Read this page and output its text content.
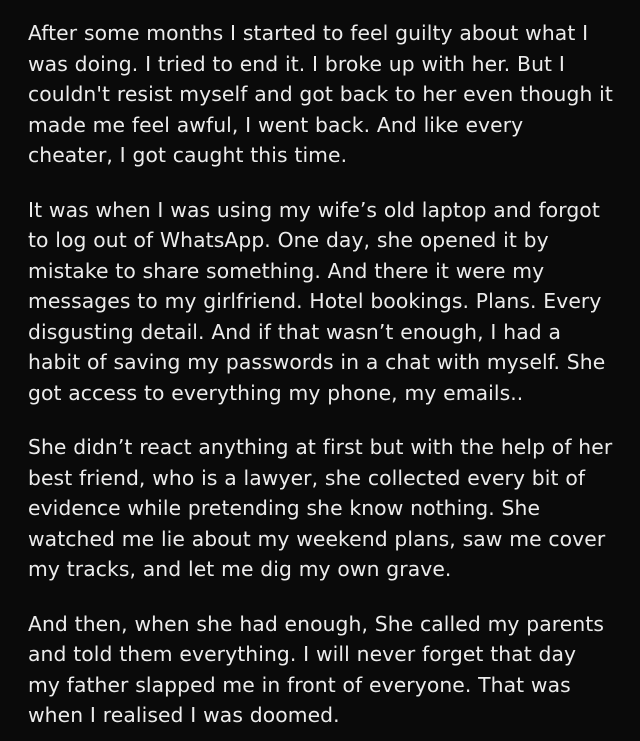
After some months I started to feel guilty about what I was doing. I tried to end it. I broke up with her. But I couldn't resist myself and got back to her even though it made me feel awful, I went back. And like every cheater, I got caught this time.

It was when I was using my wife’s old laptop and forgot to log out of WhatsApp. One day, she opened it by mistake to share something. And there it were my messages to my girlfriend. Hotel bookings. Plans. Every disgusting detail. And if that wasn’t enough, I had a habit of saving my passwords in a chat with myself. She got access to everything my phone, my emails..

She didn’t react anything at first but with the help of her best friend, who is a lawyer, she collected every bit of evidence while pretending she know nothing. She watched me lie about my weekend plans, saw me cover my tracks, and let me dig my own grave.

And then, when she had enough, She called my parents and told them everything. I will never forget that day my father slapped me in front of everyone. That was when I realised I was doomed.
